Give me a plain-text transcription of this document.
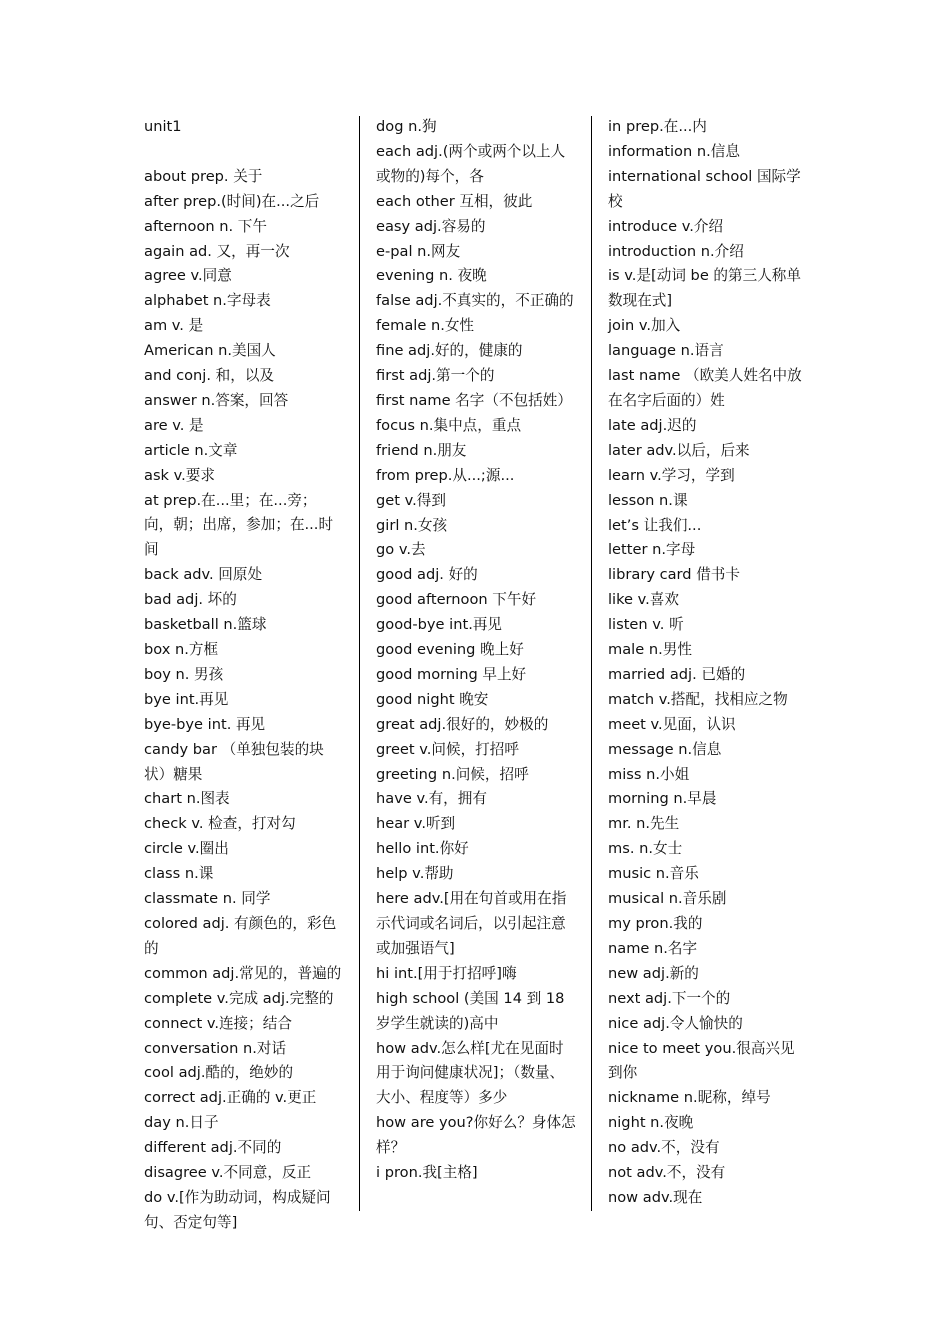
unit1

about prep. 关于

after prep.(时间)在...之后

afternoon n. 下午

again ad. 又，再一次

agree v.同意

alphabet n.字母表

am v. 是

American n.美国人

and conj. 和，以及

answer n.答案，回答

are v. 是

article n.文章

ask v.要求

at prep.在...里；在...旁；向，朝；出席，参加；在...时间

back adv. 回原处

bad adj. 坏的

basketball n.篮球

box n.方框

boy n. 男孩

bye int.再见

bye-bye int. 再见

candy bar （单独包装的块状）糖果

chart n.图表

check v. 检查，打对勾

circle v.圈出

class n.课

classmate n. 同学

colored adj. 有颜色的，彩色的

common adj.常见的，普遍的

complete v.完成 adj.完整的

connect v.连接；结合

conversation n.对话

cool adj.酷的，绝妙的

correct adj.正确的 v.更正

day n.日子

different adj.不同的

disagree v.不同意，反正

do v.[作为助动词，构成疑问句、否定句等]

dog n.狗

each adj.(两个或两个以上人或物的)每个，各

each other 互相，彼此

easy adj.容易的

e-pal n.网友

evening n. 夜晚

false adj.不真实的，不正确的

female n.女性

fine adj.好的，健康的

first adj.第一个的

first name 名字（不包括姓）

focus n.集中点，重点

friend n.朋友

from prep.从...;源...

get v.得到

girl n.女孩

go v.去

good adj. 好的

good afternoon 下午好

good-bye int.再见

good evening 晚上好

good morning 早上好

good night 晚安

great adj.很好的，妙极的

greet v.问候，打招呼

greeting n.问候，招呼

have v.有，拥有

hear v.听到

hello int.你好

help v.帮助

here adv.[用在句首或用在指示代词或名词后，以引起注意或加强语气]

hi int.[用于打招呼]嗨

high school (美国 14 到 18 岁学生就读的)高中

how adv.怎么样[尤在见面时用于询问健康状况]；（数量、大小、程度等）多少

how are you?你好么？身体怎样？

i pron.我[主格]

in prep.在...内

information n.信息

international school 国际学校

introduce v.介绍

introduction n.介绍

is v.是[动词 be 的第三人称单数现在式]

join v.加入

language n.语言

last name （欧美人姓名中放在名字后面的）姓

late adj.迟的

later adv.以后，后来

learn v.学习，学到

lesson n.课

let’s 让我们...

letter n.字母

library card 借书卡

like v.喜欢

listen v. 听

male n.男性

married adj. 已婚的

match v.搭配，找相应之物

meet v.见面，认识

message n.信息

miss n.小姐

morning n.早晨

mr. n.先生

ms. n.女士

music n.音乐

musical n.音乐剧

my pron.我的

name n.名字

new adj.新的

next adj.下一个的

nice adj.令人愉快的

nice to meet you.很高兴见到你

nickname n.昵称，绰号

night n.夜晚

no adv.不，没有

not adv.不，没有

now adv.现在
